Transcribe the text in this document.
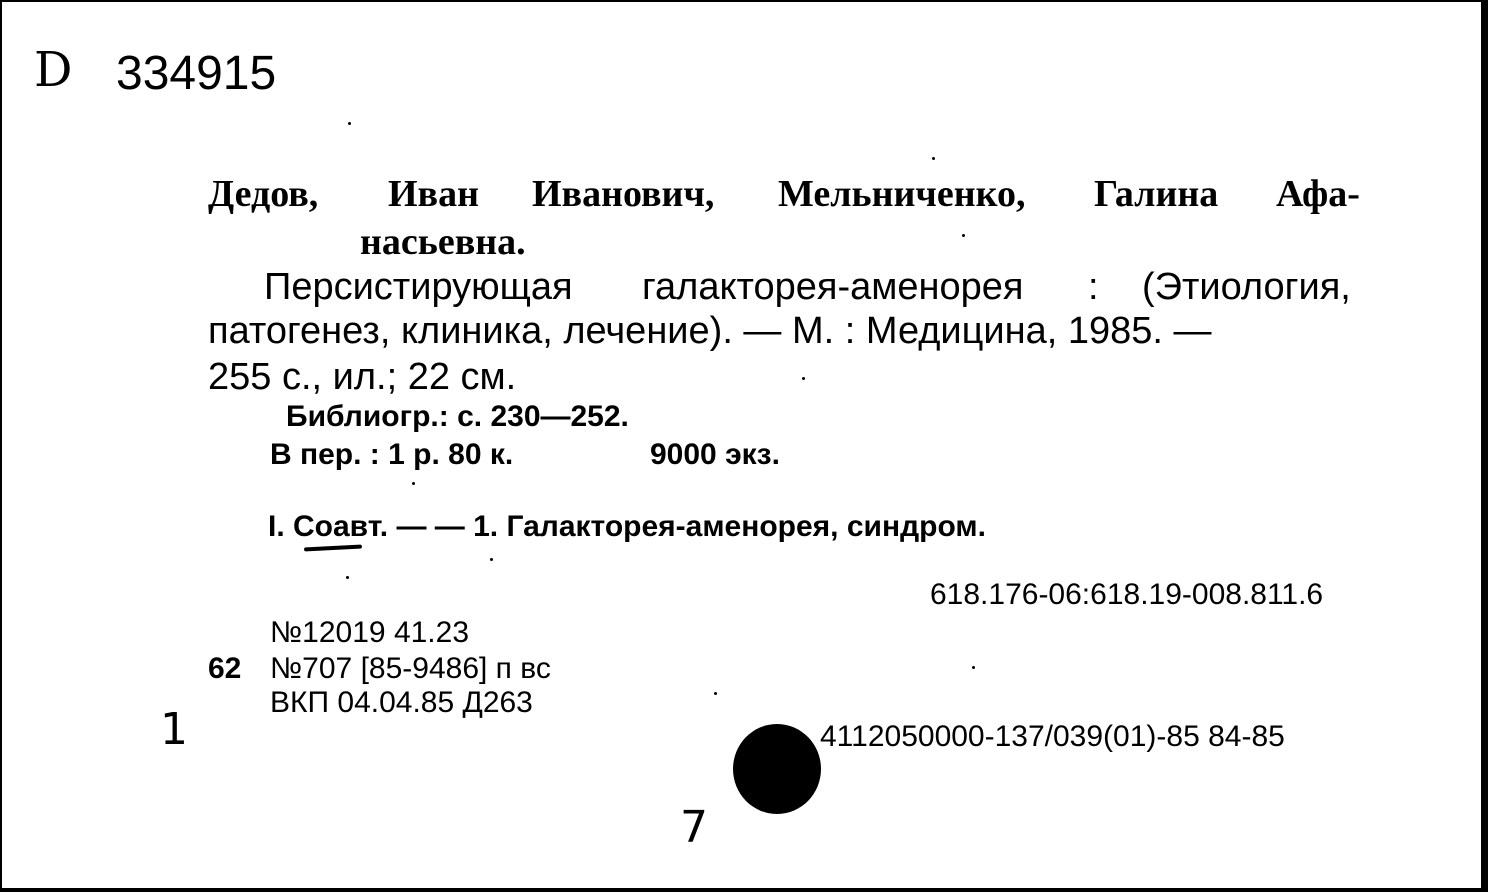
D 334915
Дедов, Иван Иванович, Мельниченко, Галина Афа-
насьевна.
Персистирующая галакторея-аменорея : (Этиология,
патогенез, клиника, лечение). — М. : Медицина, 1985. —
255 с., ил.; 22 см.
Библиогр.: с. 230—252.
В пер. : 1 р. 80 к.	9000 экз.
I. Соавт. — — 1. Галакторея-аменорея, синдром.
618.176-06:618.19-008.811.6
№12019 41.23
62 №707 [85-9486] п вс
ВКП 04.04.85 Д263
4112050000-137/039(01)-85 84-85
1
7
